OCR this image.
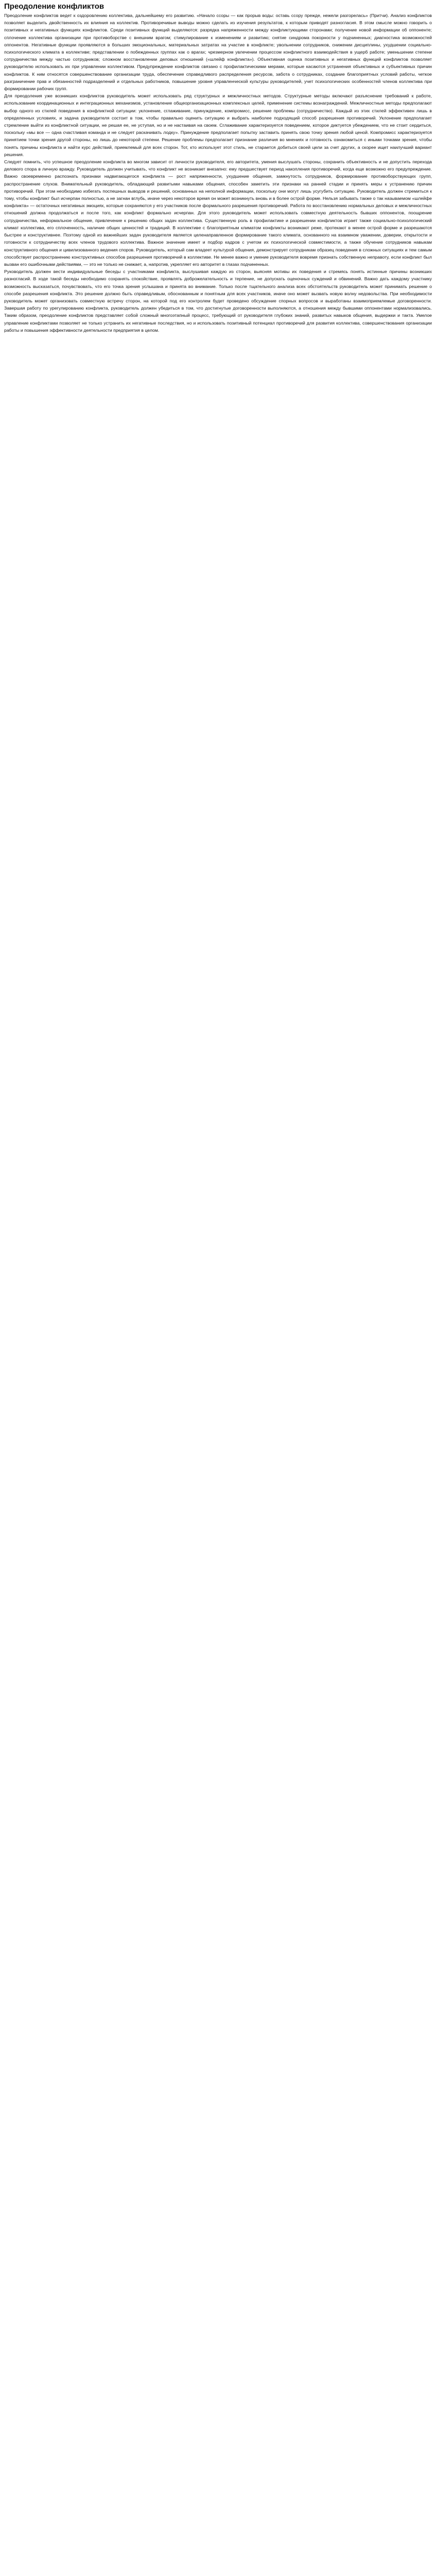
Преодоление конфликтов

Преодоление конфликтов ведет к оздоровлению коллектива, дальнейшему его развитию. «Начало ссоры — как прорыв воды: оставь ссору прежде, нежели разгорелась» (Притчи). Анализ конфликтов позволяет выделить двойственность их влияния на коллектив. Противоречивые выводы можно сделать из изучения результатов, к которым приводят разногласия. В этом смысле можно говорить о позитивных и негативных функциях конфликтов. Среди позитивных функций выделяются: разрядка напряженности между конфликтующими сторонами; получение новой информации об оппоненте; сплочение коллектива организации при противоборстве с внешним врагом; стимулирование к изменениям и развитию; снятие синдрома покорности у подчиненных; диагностика возможностей оппонентов. Негативные функции проявляются в больших эмоциональных, материальных затратах на участие в конфликте; увольнении сотрудников, снижении дисциплины, ухудшении социально-психологического климата в коллективе; представлении о побежденных группах как о врагах; чрезмерном увлечении процессом конфликтного взаимодействия в ущерб работе; уменьшении степени сотрудничества между частью сотрудников; сложном восстановлении деловых отношений («шлейф конфликта»). Объективная оценка позитивных и негативных функций конфликтов позволяет руководителю использовать их при управлении коллективом. Предупреждение конфликтов связано с профилактическими мерами, которые касаются устранения объективных и субъективных причин конфликтов. К ним относятся совершенствование организации труда, обеспечение справедливого распределения ресурсов, забота о сотрудниках, создание благоприятных условий работы, четкое разграничение прав и обязанностей подразделений и отдельных работников, повышение уровня управленческой культуры руководителей, учет психологических особенностей членов коллектива при формировании рабочих групп.

Для преодоления уже возникших конфликтов руководитель может использовать ряд структурных и межличностных методов. Структурные методы включают разъяснение требований к работе, использование координационных и интеграционных механизмов, установление общеорганизационных комплексных целей, применение системы вознаграждений. Межличностные методы предполагают выбор одного из стилей поведения в конфликтной ситуации: уклонение, сглаживание, принуждение, компромисс, решение проблемы (сотрудничество). Каждый из этих стилей эффективен лишь в определенных условиях, и задача руководителя состоит в том, чтобы правильно оценить ситуацию и выбрать наиболее подходящий способ разрешения противоречий. Уклонение предполагает стремление выйти из конфликтной ситуации, не решая ее, не уступая, но и не настаивая на своем. Сглаживание характеризуется поведением, которое диктуется убеждением, что не стоит сердиться, поскольку «мы все — одна счастливая команда и не следует раскачивать лодку». Принуждение предполагает попытку заставить принять свою точку зрения любой ценой. Компромисс характеризуется принятием точки зрения другой стороны, но лишь до некоторой степени. Решение проблемы предполагает признание различия во мнениях и готовность ознакомиться с иными точками зрения, чтобы понять причины конфликта и найти курс действий, приемлемый для всех сторон. Тот, кто использует этот стиль, не старается добиться своей цели за счет других, а скорее ищет наилучший вариант решения.

Следует помнить, что успешное преодоление конфликта во многом зависит от личности руководителя, его авторитета, умения выслушать стороны, сохранить объективность и не допустить перехода делового спора в личную вражду. Руководитель должен учитывать, что конфликт не возникает внезапно: ему предшествует период накопления противоречий, когда еще возможно его предупреждение. Важно своевременно распознать признаки надвигающегося конфликта — рост напряженности, ухудшение общения, замкнутость сотрудников, формирование противоборствующих групп, распространение слухов. Внимательный руководитель, обладающий развитыми навыками общения, способен заметить эти признаки на ранней стадии и принять меры к устранению причин противоречий. При этом необходимо избегать поспешных выводов и решений, основанных на неполной информации, поскольку они могут лишь усугубить ситуацию. Руководитель должен стремиться к тому, чтобы конфликт был исчерпан полностью, а не загнан вглубь, иначе через некоторое время он может возникнуть вновь и в более острой форме. Нельзя забывать также о так называемом «шлейфе конфликта» — остаточных негативных эмоциях, которые сохраняются у его участников после формального разрешения противоречий. Работа по восстановлению нормальных деловых и межличностных отношений должна продолжаться и после того, как конфликт формально исчерпан. Для этого руководитель может использовать совместную деятельность бывших оппонентов, поощрение сотрудничества, неформальное общение, привлечение к решению общих задач коллектива. Существенную роль в профилактике и разрешении конфликтов играет также социально-психологический климат коллектива, его сплоченность, наличие общих ценностей и традиций. В коллективе с благоприятным климатом конфликты возникают реже, протекают в менее острой форме и разрешаются быстрее и конструктивнее. Поэтому одной из важнейших задач руководителя является целенаправленное формирование такого климата, основанного на взаимном уважении, доверии, открытости и готовности к сотрудничеству всех членов трудового коллектива. Важное значение имеет и подбор кадров с учетом их психологической совместимости, а также обучение сотрудников навыкам конструктивного общения и цивилизованного ведения споров. Руководитель, который сам владеет культурой общения, демонстрирует сотрудникам образец поведения в сложных ситуациях и тем самым способствует распространению конструктивных способов разрешения противоречий в коллективе. Не менее важно и умение руководителя вовремя признать собственную неправоту, если конфликт был вызван его ошибочными действиями, — это не только не снижает, а, напротив, укрепляет его авторитет в глазах подчиненных.

Руководитель должен вести индивидуальные беседы с участниками конфликта, выслушивая каждую из сторон, выясняя мотивы их поведения и стремясь понять истинные причины возникших разногласий. В ходе такой беседы необходимо сохранять спокойствие, проявлять доброжелательность и терпение, не допускать оценочных суждений и обвинений. Важно дать каждому участнику возможность высказаться, почувствовать, что его точка зрения услышана и принята во внимание. Только после тщательного анализа всех обстоятельств руководитель может принимать решение о способе разрешения конфликта. Это решение должно быть справедливым, обоснованным и понятным для всех участников, иначе оно может вызвать новую волну недовольства. При необходимости руководитель может организовать совместную встречу сторон, на которой под его контролем будет проведено обсуждение спорных вопросов и выработаны взаимоприемлемые договоренности. Завершая работу по урегулированию конфликта, руководитель должен убедиться в том, что достигнутые договоренности выполняются, а отношения между бывшими оппонентами нормализовались. Таким образом, преодоление конфликтов представляет собой сложный многоэтапный процесс, требующий от руководителя глубоких знаний, развитых навыков общения, выдержки и такта. Умелое управление конфликтами позволяет не только устранить их негативные последствия, но и использовать позитивный потенциал противоречий для развития коллектива, совершенствования организации работы и повышения эффективности деятельности предприятия в целом.
